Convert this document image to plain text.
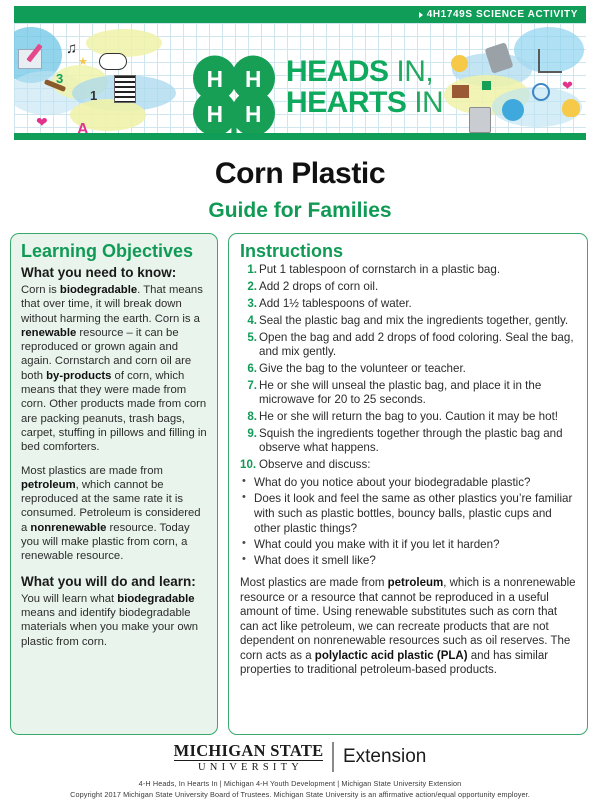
4H1749S SCIENCE ACTIVITY
♫
3
1
A
❤
★
H H
H H
HEADS IN,
HEARTS IN
❤
Corn Plastic
Guide for Families
Learning Objectives
What you need to know:
Corn is biodegradable. That means that over time, it will break down without harming the earth. Corn is a renewable resource – it can be reproduced or grown again and again. Cornstarch and corn oil are both by-products of corn, which means that they were made from corn. Other products made from corn are packing peanuts, trash bags, carpet, stuffing in pillows and filling in bed comforters.
Most plastics are made from petroleum, which cannot be reproduced at the same rate it is consumed. Petroleum is considered a nonrenewable resource. Today you will make plastic from corn, a renewable resource.
What you will do and learn:
You will learn what biodegradable means and identify biodegradable materials when you make your own plastic from corn.
Instructions
1. Put 1 tablespoon of cornstarch in a plastic bag.
2. Add 2 drops of corn oil.
3. Add 1½ tablespoons of water.
4. Seal the plastic bag and mix the ingredients together, gently.
5. Open the bag and add 2 drops of food coloring. Seal the bag, and mix gently.
6. Give the bag to the volunteer or teacher.
7. He or she will unseal the plastic bag, and place it in the microwave for 20 to 25 seconds.
8. He or she will return the bag to you. Caution it may be hot!
9. Squish the ingredients together through the plastic bag and observe what happens.
10. Observe and discuss:
• What do you notice about your biodegradable plastic?
• Does it look and feel the same as other plastics you’re familiar with such as plastic bottles, bouncy balls, plastic cups and other plastic things?
• What could you make with it if you let it harden?
• What does it smell like?
Most plastics are made from petroleum, which is a nonrenewable resource or a resource that cannot be reproduced in a useful amount of time. Using renewable substitutes such as corn that can act like petroleum, we can recreate products that are not dependent on nonrenewable resources such as oil reserves. The corn acts as a polylactic acid plastic (PLA) and has similar properties to traditional petroleum-based products.
MICHIGAN STATE
UNIVERSITY
Extension
4-H Heads, In Hearts In | Michigan 4-H Youth Development | Michigan State University Extension
Copyright 2017 Michigan State University Board of Trustees. Michigan State University is an affirmative action/equal opportunity employer.
